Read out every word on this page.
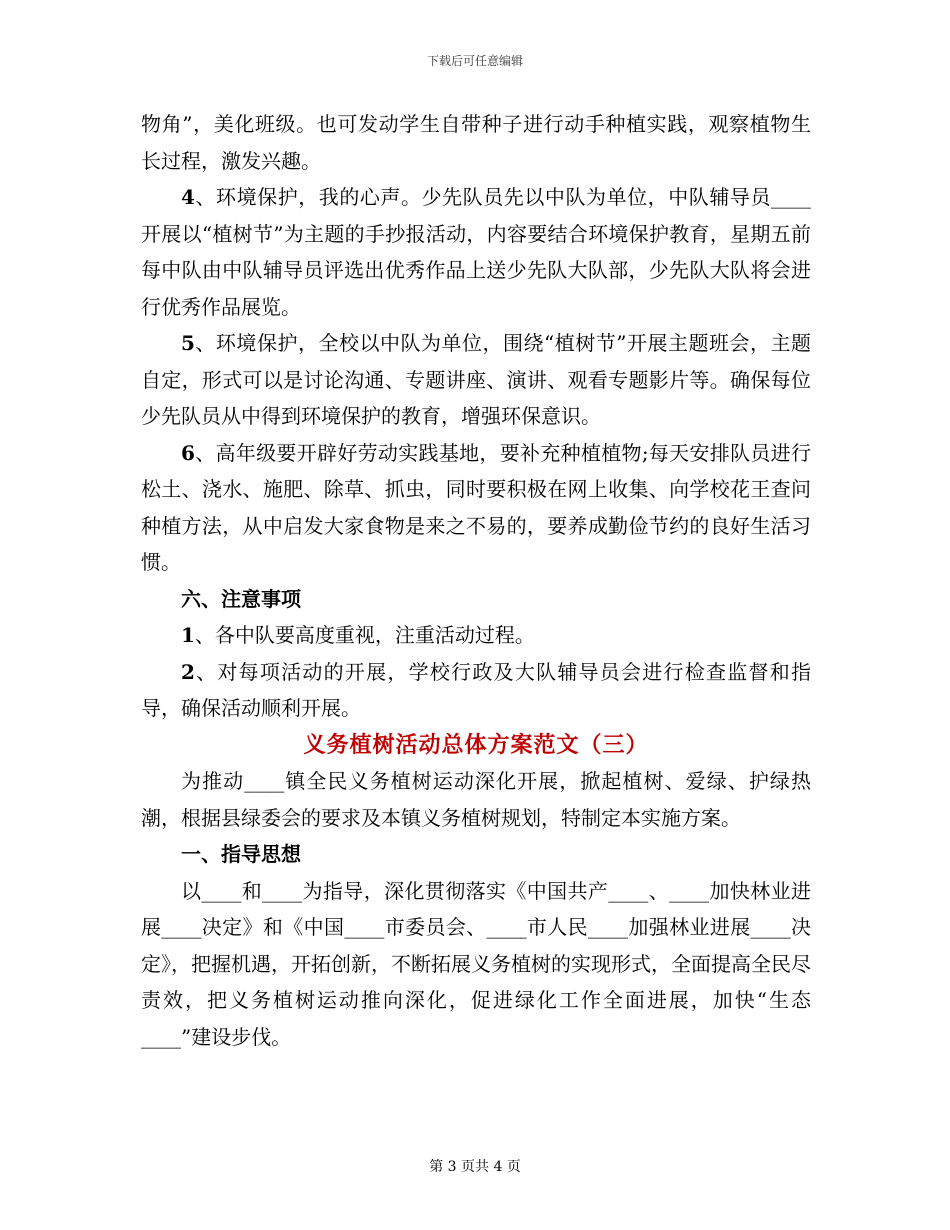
下载后可任意编辑

物角”，美化班级。也可发动学生自带种子进行动手种植实践，观察植物生长过程，激发兴趣。

4、环境保护，我的心声。少先队员先以中队为单位，中队辅导员____开展以“植树节”为主题的手抄报活动，内容要结合环境保护教育，星期五前每中队由中队辅导员评选出优秀作品上送少先队大队部，少先队大队将会进行优秀作品展览。

5、环境保护，全校以中队为单位，围绕“植树节”开展主题班会，主题自定，形式可以是讨论沟通、专题讲座、演讲、观看专题影片等。确保每位少先队员从中得到环境保护的教育，增强环保意识。

6、高年级要开辟好劳动实践基地，要补充种植植物;每天安排队员进行松土、浇水、施肥、除草、抓虫，同时要积极在网上收集、向学校花王查问种植方法，从中启发大家食物是来之不易的，要养成勤俭节约的良好生活习惯。

六、注意事项

1、各中队要高度重视，注重活动过程。

2、对每项活动的开展，学校行政及大队辅导员会进行检查监督和指导，确保活动顺利开展。

义务植树活动总体方案范文（三）

为推动____镇全民义务植树运动深化开展，掀起植树、爱绿、护绿热潮，根据县绿委会的要求及本镇义务植树规划，特制定本实施方案。

一、指导思想

以____和____为指导，深化贯彻落实《中国共产____、____加快林业进展____决定》和《中国____市委员会、____市人民____加强林业进展____决定》，把握机遇，开拓创新，不断拓展义务植树的实现形式，全面提高全民尽责效，把义务植树运动推向深化，促进绿化工作全面进展，加快“生态____”建设步伐。

第 3 页共 4 页
